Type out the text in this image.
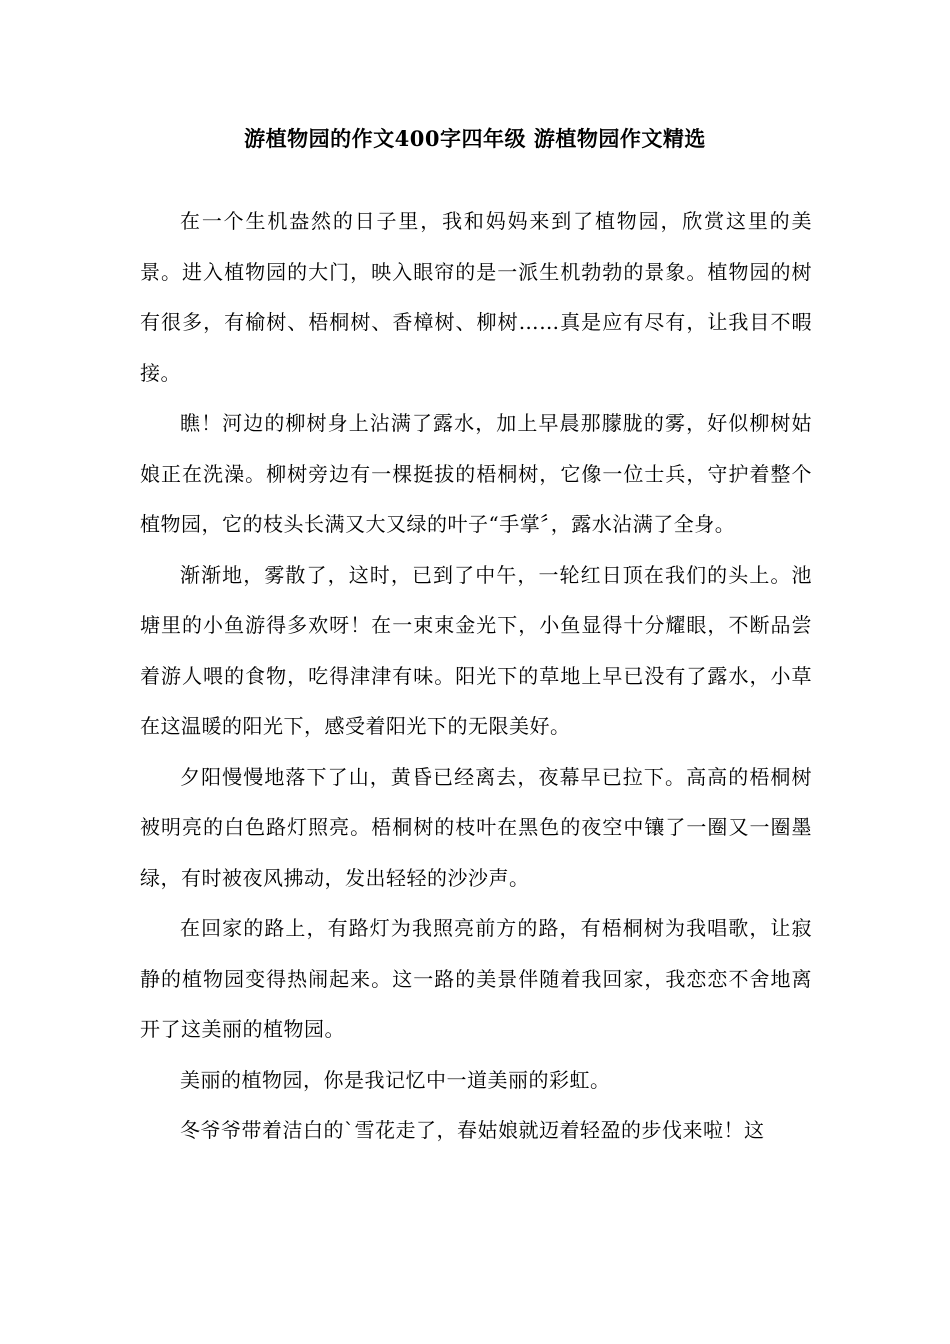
游植物园的作文400字四年级 游植物园作文精选

在一个生机盎然的日子里，我和妈妈来到了植物园，欣赏这里的美景。进入植物园的大门，映入眼帘的是一派生机勃勃的景象。植物园的树有很多，有榆树、梧桐树、香樟树、柳树……真是应有尽有，让我目不暇接。

瞧！河边的柳树身上沾满了露水，加上早晨那朦胧的雾，好似柳树姑娘正在洗澡。柳树旁边有一棵挺拔的梧桐树，它像一位士兵，守护着整个植物园，它的枝头长满又大又绿的叶子“手掌〞，露水沾满了全身。

渐渐地，雾散了，这时，已到了中午，一轮红日顶在我们的头上。池塘里的小鱼游得多欢呀！在一束束金光下，小鱼显得十分耀眼，不断品尝着游人喂的食物，吃得津津有味。阳光下的草地上早已没有了露水，小草在这温暖的阳光下，感受着阳光下的无限美好。

夕阳慢慢地落下了山，黄昏已经离去，夜幕早已拉下。高高的梧桐树被明亮的白色路灯照亮。梧桐树的枝叶在黑色的夜空中镶了一圈又一圈墨绿，有时被夜风拂动，发出轻轻的沙沙声。

在回家的路上，有路灯为我照亮前方的路，有梧桐树为我唱歌，让寂静的植物园变得热闹起来。这一路的美景伴随着我回家，我恋恋不舍地离开了这美丽的植物园。

美丽的植物园，你是我记忆中一道美丽的彩虹。

冬爷爷带着洁白的`雪花走了，春姑娘就迈着轻盈的步伐来啦！这
